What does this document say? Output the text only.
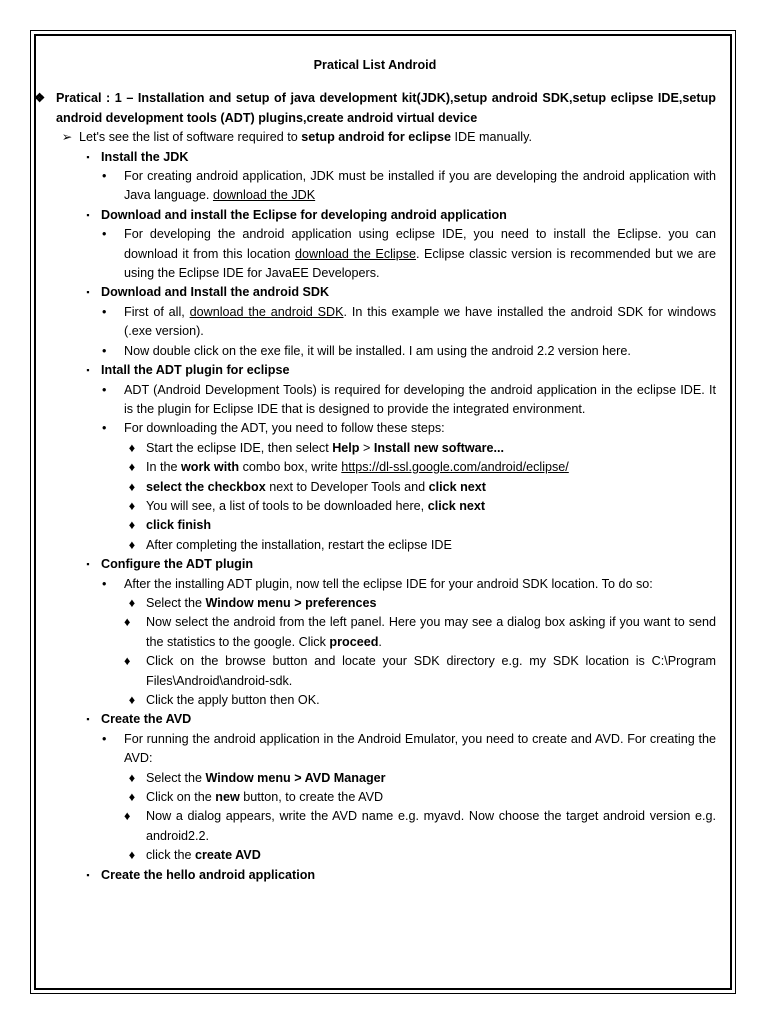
Pratical List Android

❖ Pratical : 1 – Installation and setup of java development kit(JDK),setup android SDK,setup eclipse IDE,setup android development tools (ADT) plugins,create android virtual device

➢ Let's see the list of software required to setup android for eclipse IDE manually.

▪ Install the JDK

•	For creating android application, JDK must be installed if you are developing the android application with Java language. download the JDK

▪ Download and install the Eclipse for developing android application

•	For developing the android application using eclipse IDE, you need to install the Eclipse. you can download it from this location download the Eclipse. Eclipse classic version is recommended but we are using the Eclipse IDE for JavaEE Developers.

▪ Download and Install the android SDK

•	First of all, download the android SDK. In this example we have installed the android SDK for windows (.exe version).

•	Now double click on the exe file, it will be installed. I am using the android 2.2 version here.

▪ Intall the ADT plugin for eclipse

•	ADT (Android Development Tools) is required for developing the android application in the eclipse IDE. It is the plugin for Eclipse IDE that is designed to provide the integrated environment.

•	For downloading the ADT, you need to follow these steps:

♦ Start the eclipse IDE, then select Help > Install new software...

♦ In the work with combo box, write https://dl-ssl.google.com/android/eclipse/

♦ select the checkbox next to Developer Tools and click next

♦ You will see, a list of tools to be downloaded here, click next

♦ click finish

♦ After completing the installation, restart the eclipse IDE

▪ Configure the ADT plugin

•	After the installing ADT plugin, now tell the eclipse IDE for your android SDK location. To do so:

♦ Select the Window menu > preferences

♦	Now select the android from the left panel. Here you may see a dialog box asking if you want to send the statistics to the google. Click proceed.

♦	Click on the browse button and locate your SDK directory e.g. my SDK location is C:\Program Files\Android\android-sdk.

♦ Click the apply button then OK.

▪ Create the AVD

•	For running the android application in the Android Emulator, you need to create and AVD. For creating the AVD:

♦ Select the Window menu > AVD Manager

♦ Click on the new button, to create the AVD

♦	Now a dialog appears, write the AVD name e.g. myavd. Now choose the target android version e.g. android2.2.

♦ click the create AVD

▪ Create the hello android application
